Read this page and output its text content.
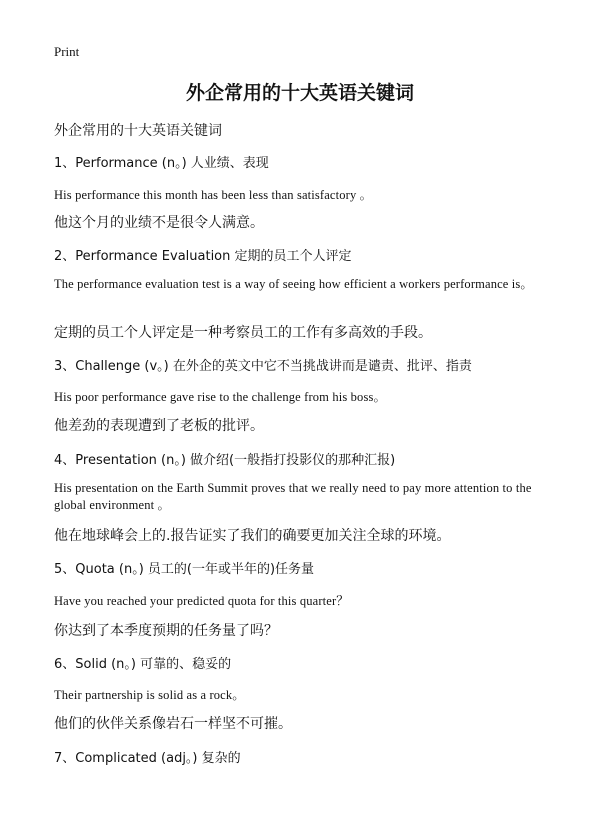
Print

外企常用的十大英语关键词

外企常用的十大英语关键词

1、Performance (n。) 人业绩、表现

His performance this month has been less than satisfactory 。

他这个月的业绩不是很令人满意。

2、Performance Evaluation 定期的员工个人评定

The performance evaluation test is a way of seeing how efficient a workers performance is。

定期的员工个人评定是一种考察员工的工作有多高效的手段。

3、Challenge (v。) 在外企的英文中它不当挑战讲而是谴责、批评、指责

His poor performance gave rise to the challenge from his boss。

他差劲的表现遭到了老板的批评。

4、Presentation (n。) 做介绍(一般指打投影仪的那种汇报)

His presentation on the Earth Summit proves that we really need to pay more attention to the global environment 。

他在地球峰会上的.报告证实了我们的确要更加关注全球的环境。

5、Quota (n。) 员工的(一年或半年的)任务量

Have you reached your predicted quota for this quarter？

你达到了本季度预期的任务量了吗？

6、Solid (n。) 可靠的、稳妥的

Their partnership is solid as a rock。

他们的伙伴关系像岩石一样坚不可摧。

7、Complicated (adj。) 复杂的
